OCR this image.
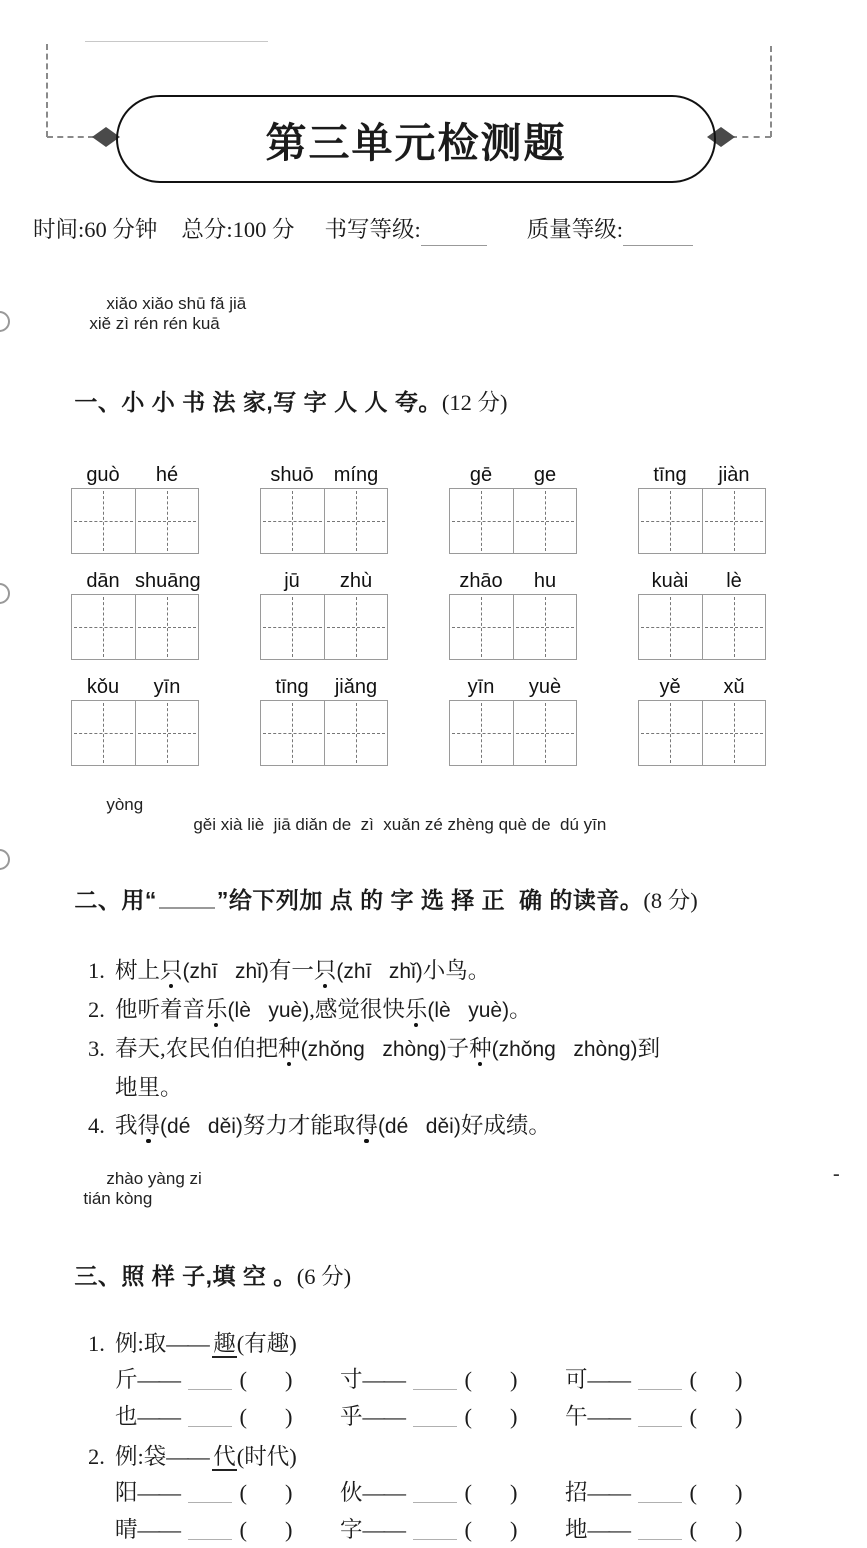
第三单元检测题
-
时间:60 分钟 总分:100 分 书写等级:	质量等级:

xiǎo xiǎo shū fǎ jiā
xiě zì rén rén kuā

一、小 小 书 法 家,写 字 人 人 夸。(12 分)

guò	hé	shuō	míng	gē	ge	tīng	jiàn
dān shuāng	jū	zhù	zhāo	hu	kuài	lè
kǒu	yīn	tīng	jiǎng	yīn	yuè	yě	xǔ

yòng
gěi xià liè  jiā diǎn de  zì  xuǎn zé zhèng què de  dú yīn

二、用“	”给下列加 点 的 字 选 择 正  确 的读音。(8 分)

1. 树上只(zhī   zhǐ)有一只(zhī   zhǐ)小鸟。
2. 他听着音乐(lè   yuè),感觉很快乐(lè   yuè)。
3. 春天,农民伯伯把种(zhǒng   zhòng)子种(zhǒng   zhòng)到
地里。
4. 我得(dé   děi)努力才能取得(dé   děi)好成绩。

zhào yàng zi
tián kòng

三、照 样 子,填 空 。(6 分)

1. 例:取—— 趣(有趣)
斤——	( ) 寸——	( ) 可——	( )
也——	( ) 乎——	( ) 午——	( )
2. 例:袋—— 代(时代)
阳——	( ) 伙——	( ) 招——	( )
晴——	( ) 字——	( ) 地——	( )
